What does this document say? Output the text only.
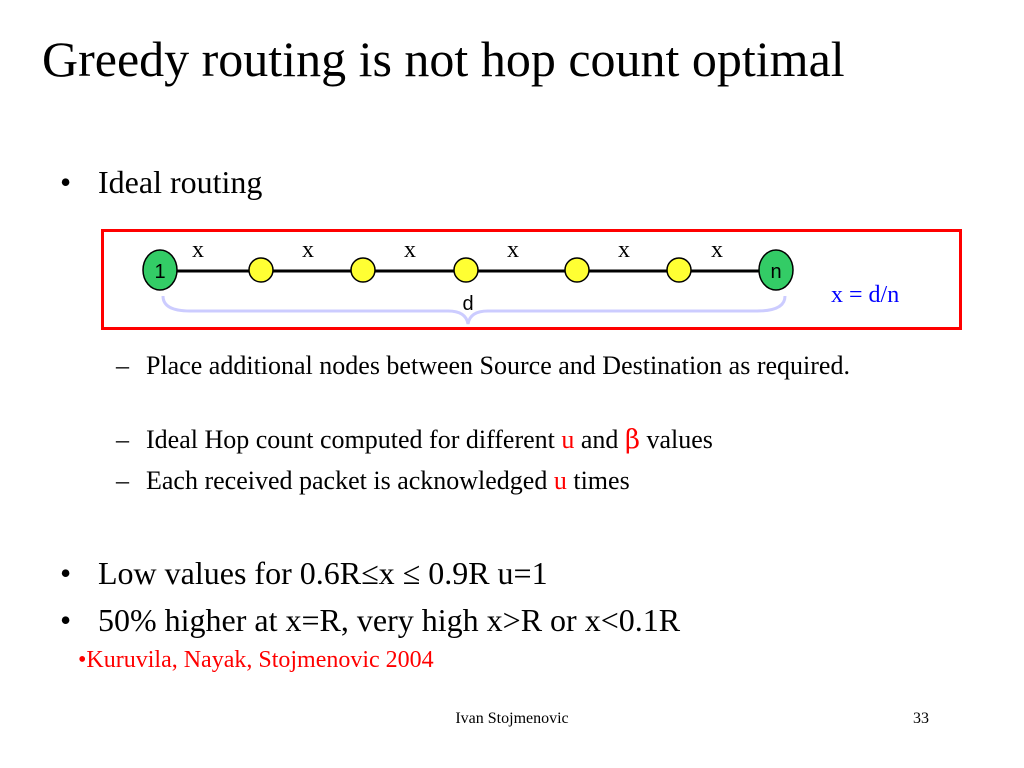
Greedy routing is not hop count optimal
• Ideal routing
1	n
x	x	x	x	x	x
d	x = d/n
– Place additional nodes between Source and Destination as required.
– Ideal Hop count computed for different u and β values
– Each received packet is acknowledged u times
• Low values for 0.6R≤x ≤ 0.9R u=1
• 50% higher at x=R, very high x>R or x<0.1R
•Kuruvila, Nayak, Stojmenovic 2004
Ivan Stojmenovic	33
